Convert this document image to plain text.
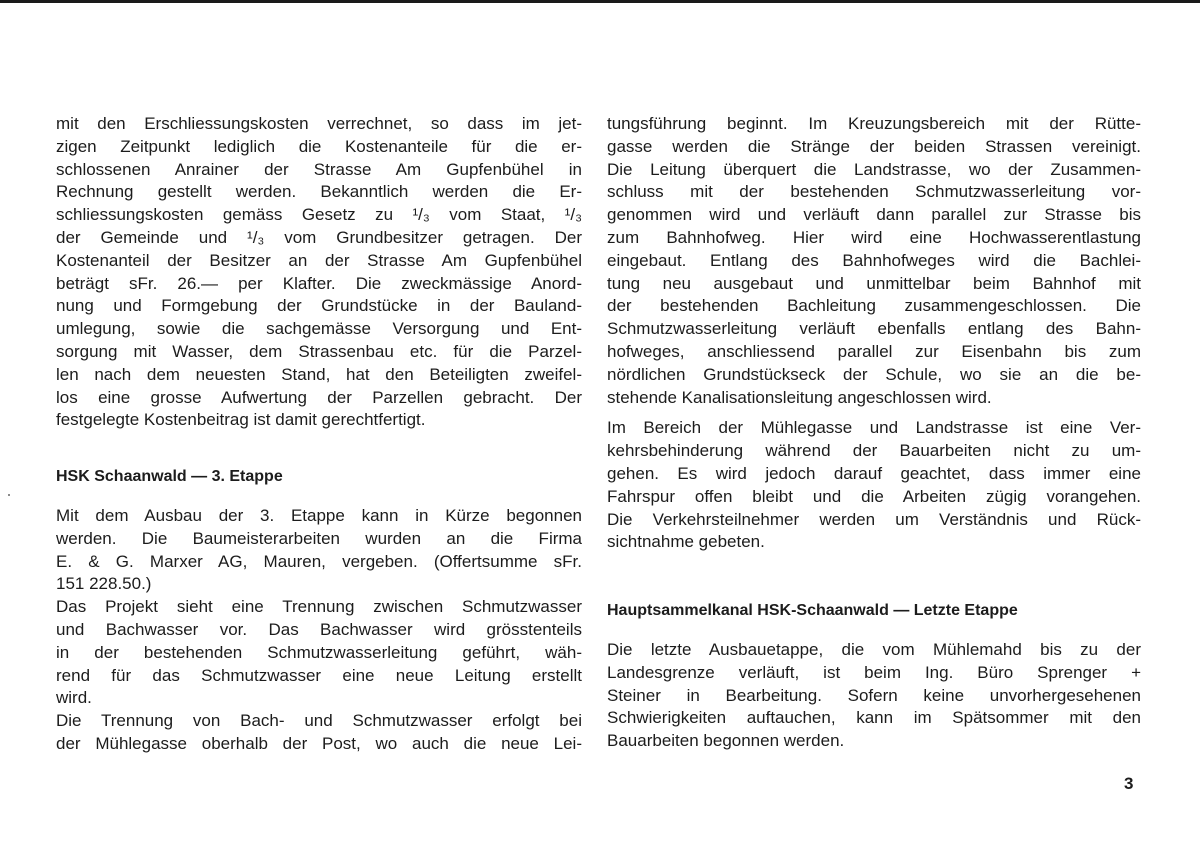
mit den Erschliessungskosten verrechnet, so dass im jet-
zigen Zeitpunkt lediglich die Kostenanteile für die er-
schlossenen Anrainer der Strasse Am Gupfenbühel in
Rechnung gestellt werden. Bekanntlich werden die Er-
schliessungskosten gemäss Gesetz zu ¹/₃ vom Staat, ¹/₃
der Gemeinde und ¹/₃ vom Grundbesitzer getragen. Der
Kostenanteil der Besitzer an der Strasse Am Gupfenbühel
beträgt sFr. 26.— per Klafter. Die zweckmässige Anord-
nung und Formgebung der Grundstücke in der Bauland-
umlegung, sowie die sachgemässe Versorgung und Ent-
sorgung mit Wasser, dem Strassenbau etc. für die Parzel-
len nach dem neuesten Stand, hat den Beteiligten zweifel-
los eine grosse Aufwertung der Parzellen gebracht. Der
festgelegte Kostenbeitrag ist damit gerechtfertigt.
HSK Schaanwald — 3. Etappe
Mit dem Ausbau der 3. Etappe kann in Kürze begonnen
werden. Die Baumeisterarbeiten wurden an die Firma
E. & G. Marxer AG, Mauren, vergeben. (Offertsumme sFr.
151 228.50.)
Das Projekt sieht eine Trennung zwischen Schmutzwasser
und Bachwasser vor. Das Bachwasser wird grösstenteils
in der bestehenden Schmutzwasserleitung geführt, wäh-
rend für das Schmutzwasser eine neue Leitung erstellt
wird.
Die Trennung von Bach- und Schmutzwasser erfolgt bei
der Mühlegasse oberhalb der Post, wo auch die neue Lei-
tungsführung beginnt. Im Kreuzungsbereich mit der Rütte-
gasse werden die Stränge der beiden Strassen vereinigt.
Die Leitung überquert die Landstrasse, wo der Zusammen-
schluss mit der bestehenden Schmutzwasserleitung vor-
genommen wird und verläuft dann parallel zur Strasse bis
zum Bahnhofweg. Hier wird eine Hochwasserentlastung
eingebaut. Entlang des Bahnhofweges wird die Bachlei-
tung neu ausgebaut und unmittelbar beim Bahnhof mit
der bestehenden Bachleitung zusammengeschlossen. Die
Schmutzwasserleitung verläuft ebenfalls entlang des Bahn-
hofweges, anschliessend parallel zur Eisenbahn bis zum
nördlichen Grundstückseck der Schule, wo sie an die be-
stehende Kanalisationsleitung angeschlossen wird.
Im Bereich der Mühlegasse und Landstrasse ist eine Ver-
kehrsbehinderung während der Bauarbeiten nicht zu um-
gehen. Es wird jedoch darauf geachtet, dass immer eine
Fahrspur offen bleibt und die Arbeiten zügig vorangehen.
Die Verkehrsteilnehmer werden um Verständnis und Rück-
sichtnahme gebeten.
Hauptsammelkanal HSK-Schaanwald — Letzte Etappe
Die letzte Ausbauetappe, die vom Mühlemahd bis zu der
Landesgrenze verläuft, ist beim Ing. Büro Sprenger +
Steiner in Bearbeitung. Sofern keine unvorhergesehenen
Schwierigkeiten auftauchen, kann im Spätsommer mit den
Bauarbeiten begonnen werden.
3
